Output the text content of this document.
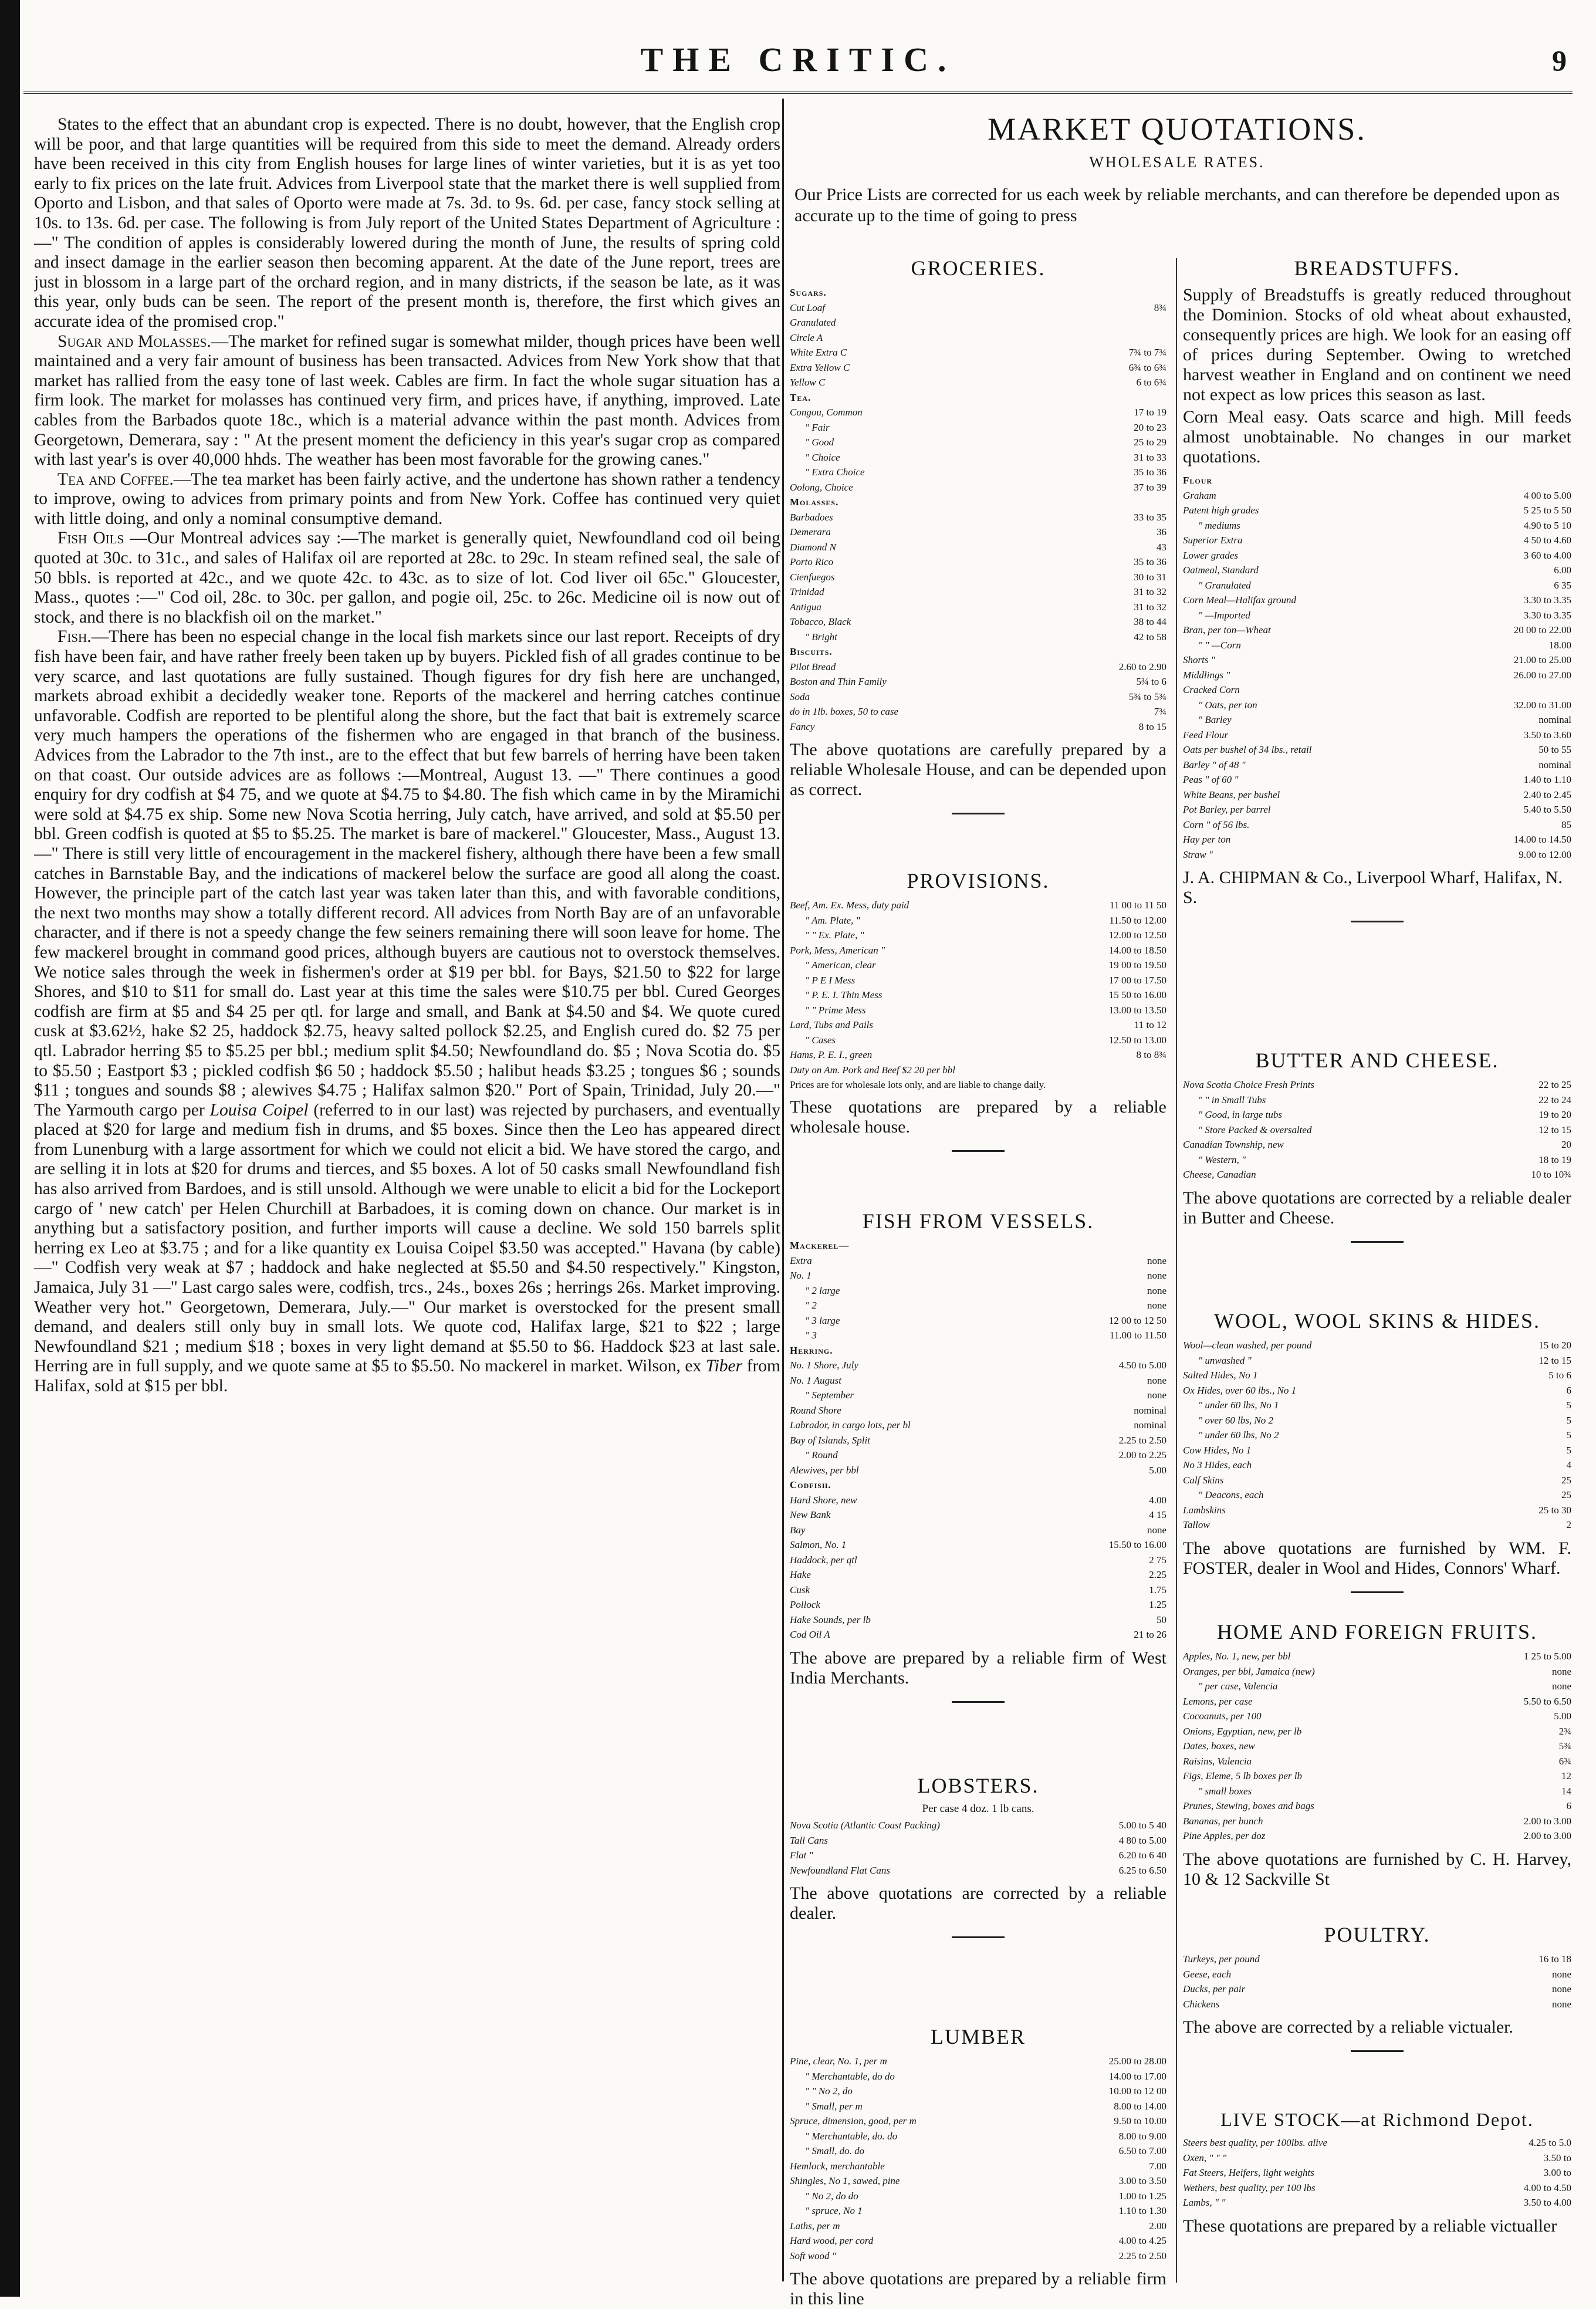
THE CRITIC.	9

States to the effect that an abundant crop is expected. There is no doubt, however, that the English crop will be poor, and that large quantities will be required from this side to meet the demand. Already orders have been received in this city from English houses for large lines of winter varieties, but it is as yet too early to fix prices on the late fruit. Advices from Liverpool state that the market there is well supplied from Oporto and Lisbon, and that sales of Oporto were made at 7s. 3d. to 9s. 6d. per case, fancy stock selling at 10s. to 13s. 6d. per case. The following is from July report of the United States Department of Agriculture :—" The condition of apples is considerably lowered during the month of June, the results of spring cold and insect damage in the earlier season then becoming apparent. At the date of the June report, trees are just in blossom in a large part of the orchard region, and in many districts, if the season be late, as it was this year, only buds can be seen. The report of the present month is, therefore, the first which gives an accurate idea of the promised crop."

Sugar and Molasses.—The market for refined sugar is somewhat milder, though prices have been well maintained and a very fair amount of business has been transacted. Advices from New York show that that market has rallied from the easy tone of last week. Cables are firm. In fact the whole sugar situation has a firm look. The market for molasses has continued very firm, and prices have, if anything, improved. Late cables from the Barbados quote 18c., which is a material advance within the past month. Advices from Georgetown, Demerara, say : " At the present moment the deficiency in this year's sugar crop as compared with last year's is over 40,000 hhds. The weather has been most favorable for the growing canes."

Tea and Coffee.—The tea market has been fairly active, and the undertone has shown rather a tendency to improve, owing to advices from primary points and from New York. Coffee has continued very quiet with little doing, and only a nominal consumptive demand.

Fish Oils —Our Montreal advices say :—The market is generally quiet, Newfoundland cod oil being quoted at 30c. to 31c., and sales of Halifax oil are reported at 28c. to 29c. In steam refined seal, the sale of 50 bbls. is reported at 42c., and we quote 42c. to 43c. as to size of lot. Cod liver oil 65c." Gloucester, Mass., quotes :—" Cod oil, 28c. to 30c. per gallon, and pogie oil, 25c. to 26c. Medicine oil is now out of stock, and there is no blackfish oil on the market."

Fish.—There has been no especial change in the local fish markets since our last report. Receipts of dry fish have been fair, and have rather freely been taken up by buyers. Pickled fish of all grades continue to be very scarce, and last quotations are fully sustained. Though figures for dry fish here are unchanged, markets abroad exhibit a decidedly weaker tone. Reports of the mackerel and herring catches continue unfavorable. Codfish are reported to be plentiful along the shore, but the fact that bait is extremely scarce very much hampers the operations of the fishermen who are engaged in that branch of the business. Advices from the Labrador to the 7th inst., are to the effect that but few barrels of herring have been taken on that coast. Our outside advices are as follows :—Montreal, August 13. —" There continues a good enquiry for dry codfish at $4 75, and we quote at $4.75 to $4.80. The fish which came in by the Miramichi were sold at $4.75 ex ship. Some new Nova Scotia herring, July catch, have arrived, and sold at $5.50 per bbl. Green codfish is quoted at $5 to $5.25. The market is bare of mackerel." Gloucester, Mass., August 13.—" There is still very little of encouragement in the mackerel fishery, although there have been a few small catches in Barnstable Bay, and the indications of mackerel below the surface are good all along the coast. However, the principle part of the catch last year was taken later than this, and with favorable conditions, the next two months may show a totally different record. All advices from North Bay are of an unfavorable character, and if there is not a speedy change the few seiners remaining there will soon leave for home. The few mackerel brought in command good prices, although buyers are cautious not to overstock themselves. We notice sales through the week in fishermen's order at $19 per bbl. for Bays, $21.50 to $22 for large Shores, and $10 to $11 for small do. Last year at this time the sales were $10.75 per bbl. Cured Georges codfish are firm at $5 and $4 25 per qtl. for large and small, and Bank at $4.50 and $4. We quote cured cusk at $3.62½, hake $2 25, haddock $2.75, heavy salted pollock $2.25, and English cured do. $2 75 per qtl. Labrador herring $5 to $5.25 per bbl.; medium split $4.50; Newfoundland do. $5 ; Nova Scotia do. $5 to $5.50 ; Eastport $3 ; pickled codfish $6 50 ; haddock $5.50 ; halibut heads $3.25 ; tongues $6 ; sounds $11 ; tongues and sounds $8 ; alewives $4.75 ; Halifax salmon $20." Port of Spain, Trinidad, July 20.—" The Yarmouth cargo per Louisa Coipel (referred to in our last) was rejected by purchasers, and eventually placed at $20 for large and medium fish in drums, and $5 boxes. Since then the Leo has appeared direct from Lunenburg with a large assortment for which we could not elicit a bid. We have stored the cargo, and are selling it in lots at $20 for drums and tierces, and $5 boxes. A lot of 50 casks small Newfoundland fish has also arrived from Bardoes, and is still unsold. Although we were unable to elicit a bid for the Lockeport cargo of ' new catch' per Helen Churchill at Barbadoes, it is coming down on chance. Our market is in anything but a satisfactory position, and further imports will cause a decline. We sold 150 barrels split herring ex Leo at $3.75 ; and for a like quantity ex Louisa Coipel $3.50 was accepted." Havana (by cable)—" Codfish very weak at $7 ; haddock and hake neglected at $5.50 and $4.50 respectively." Kingston, Jamaica, July 31 —" Last cargo sales were, codfish, trcs., 24s., boxes 26s ; herrings 26s. Market improving. Weather very hot." Georgetown, Demerara, July.—" Our market is overstocked for the present small demand, and dealers still only buy in small lots. We quote cod, Halifax large, $21 to $22 ; large Newfoundland $21 ; medium $18 ; boxes in very light demand at $5.50 to $6. Haddock $23 at last sale. Herring are in full supply, and we quote same at $5 to $5.50. No mackerel in market. Wilson, ex Tiber from Halifax, sold at $15 per bbl.

MARKET QUOTATIONS.
WHOLESALE RATES.
Our Price Lists are corrected for us each week by reliable merchants, and can therefore be depended upon as accurate up to the time of going to press
GROCERIES.
Sugars.	
Cut Loaf	8¾
Granulated	
Circle A	
White Extra C	7¾ to 7¾
Extra Yellow C	6¾ to 6¾
Yellow C	6 to 6¾
Tea.	
Congou, Common	17 to 19
" Fair	20 to 23
" Good	25 to 29
" Choice	31 to 33
" Extra Choice	35 to 36
Oolong, Choice	37 to 39
Molasses.	
Barbadoes	33 to 35
Demerara	36
Diamond N	43
Porto Rico	35 to 36
Cienfuegos	30 to 31
Trinidad	31 to 32
Antigua	31 to 32
Tobacco, Black	38 to 44
" Bright	42 to 58
Biscuits.	
Pilot Bread	2.60 to 2.90
Boston and Thin Family	5¾ to 6
Soda	5¾ to 5¾
do in 1lb. boxes, 50 to case	7¾
Fancy	8 to 15
The above quotations are carefully prepared by a reliable Wholesale House, and can be depended upon as correct.
PROVISIONS.
Beef, Am. Ex. Mess, duty paid	11 00 to 11 50
" Am. Plate, "	11.50 to 12.00
" " Ex. Plate, "	12.00 to 12.50
Pork, Mess, American "	14.00 to 18.50
" American, clear	19 00 to 19.50
" P E I Mess	17 00 to 17.50
" P. E. I. Thin Mess	15 50 to 16.00
" " Prime Mess	13.00 to 13.50
Lard, Tubs and Pails	11 to 12
" Cases	12.50 to 13.00
Hams, P. E. I., green	8 to 8¾
Duty on Am. Pork and Beef $2 20 per bbl	
Prices are for wholesale lots only, and are liable to change daily.
These quotations are prepared by a reliable wholesale house.
FISH FROM VESSELS.
Mackerel—	
Extra	none
No. 1	none
" 2 large	none
" 2	none
" 3 large	12 00 to 12 50
" 3	11.00 to 11.50
Herring.	
No. 1 Shore, July	4.50 to 5.00
No. 1 August	none
" September	none
Round Shore	nominal
Labrador, in cargo lots, per bl	nominal
Bay of Islands, Split	2.25 to 2.50
" Round	2.00 to 2.25
Alewives, per bbl	5.00
Codfish.	
Hard Shore, new	4.00
New Bank	4 15
Bay	none
Salmon, No. 1	15.50 to 16.00
Haddock, per qtl	2 75
Hake	2.25
Cusk	1.75
Pollock	1.25
Hake Sounds, per lb	50
Cod Oil A	21 to 26
The above are prepared by a reliable firm of West India Merchants.
LOBSTERS.
Per case 4 doz. 1 lb cans.
Nova Scotia (Atlantic Coast Packing)	5.00 to 5 40
Tall Cans	4 80 to 5.00
Flat "	6.20 to 6 40
Newfoundland Flat Cans	6.25 to 6.50
The above quotations are corrected by a reliable dealer.
LUMBER
Pine, clear, No. 1, per m	25.00 to 28.00
" Merchantable, do do	14.00 to 17.00
" " No 2, do	10.00 to 12 00
" Small, per m	8.00 to 14.00
Spruce, dimension, good, per m	9.50 to 10.00
" Merchantable, do. do	8.00 to 9.00
" Small, do. do	6.50 to 7.00
Hemlock, merchantable	7.00
Shingles, No 1, sawed, pine	3.00 to 3.50
" No 2, do do	1.00 to 1.25
" spruce, No 1	1.10 to 1.30
Laths, per m	2.00
Hard wood, per cord	4.00 to 4.25
Soft wood "	2.25 to 2.50
The above quotations are prepared by a reliable firm in this line
BREADSTUFFS.
Supply of Breadstuffs is greatly reduced throughout the Dominion. Stocks of old wheat about exhausted, consequently prices are high. We look for an easing off of prices during September. Owing to wretched harvest weather in England and on continent we need not expect as low prices this season as last.
Corn Meal easy. Oats scarce and high. Mill feeds almost unobtainable. No changes in our market quotations.
Flour	
Graham	4 00 to 5.00
Patent high grades	5 25 to 5 50
" mediums	4.90 to 5 10
Superior Extra	4 50 to 4.60
Lower grades	3 60 to 4.00
Oatmeal, Standard	6.00
" Granulated	6 35
Corn Meal—Halifax ground	3.30 to 3.35
" —Imported	3.30 to 3.35
Bran, per ton—Wheat	20 00 to 22.00
" " —Corn	18.00
Shorts "	21.00 to 25.00
Middlings "	26.00 to 27.00
Cracked Corn	
" Oats, per ton	32.00 to 31.00
" Barley	nominal
Feed Flour	3.50 to 3.60
Oats per bushel of 34 lbs., retail	50 to 55
Barley " of 48 "	nominal
Peas " of 60 "	1.40 to 1.10
White Beans, per bushel	2.40 to 2.45
Pot Barley, per barrel	5.40 to 5.50
Corn " of 56 lbs.	85
Hay per ton	14.00 to 14.50
Straw "	9.00 to 12.00
J. A. CHIPMAN & Co., Liverpool Wharf, Halifax, N. S.
BUTTER AND CHEESE.
Nova Scotia Choice Fresh Prints	22 to 25
" " in Small Tubs	22 to 24
" Good, in large tubs	19 to 20
" Store Packed & oversalted	12 to 15
Canadian Township, new	20
" Western, "	18 to 19
Cheese, Canadian	10 to 10¾
The above quotations are corrected by a reliable dealer in Butter and Cheese.
WOOL, WOOL SKINS & HIDES.
Wool—clean washed, per pound	15 to 20
" unwashed "	12 to 15
Salted Hides, No 1	5 to 6
Ox Hides, over 60 lbs., No 1	6
" under 60 lbs, No 1	5
" over 60 lbs, No 2	5
" under 60 lbs, No 2	5
Cow Hides, No 1	5
No 3 Hides, each	4
Calf Skins	25
" Deacons, each	25
Lambskins	25 to 30
Tallow	2
The above quotations are furnished by WM. F. FOSTER, dealer in Wool and Hides, Connors' Wharf.
HOME AND FOREIGN FRUITS.
Apples, No. 1, new, per bbl	1 25 to 5.00
Oranges, per bbl, Jamaica (new)	none
" per case, Valencia	none
Lemons, per case	5.50 to 6.50
Cocoanuts, per 100	5.00
Onions, Egyptian, new, per lb	2¾
Dates, boxes, new	5¾
Raisins, Valencia	6¾
Figs, Eleme, 5 lb boxes per lb	12
" small boxes	14
Prunes, Stewing, boxes and bags	6
Bananas, per bunch	2.00 to 3.00
Pine Apples, per doz	2.00 to 3.00
The above quotations are furnished by C. H. Harvey, 10 & 12 Sackville St
POULTRY.
Turkeys, per pound	16 to 18
Geese, each	none
Ducks, per pair	none
Chickens	none
The above are corrected by a reliable victualer.
LIVE STOCK—at Richmond Depot.
Steers best quality, per 100lbs. alive	4.25 to 5.0
Oxen, " " "	3.50 to
Fat Steers, Heifers, light weights	3.00 to
Wethers, best quality, per 100 lbs	4.00 to 4.50
Lambs, " "	3.50 to 4.00
These quotations are prepared by a reliable victualler
